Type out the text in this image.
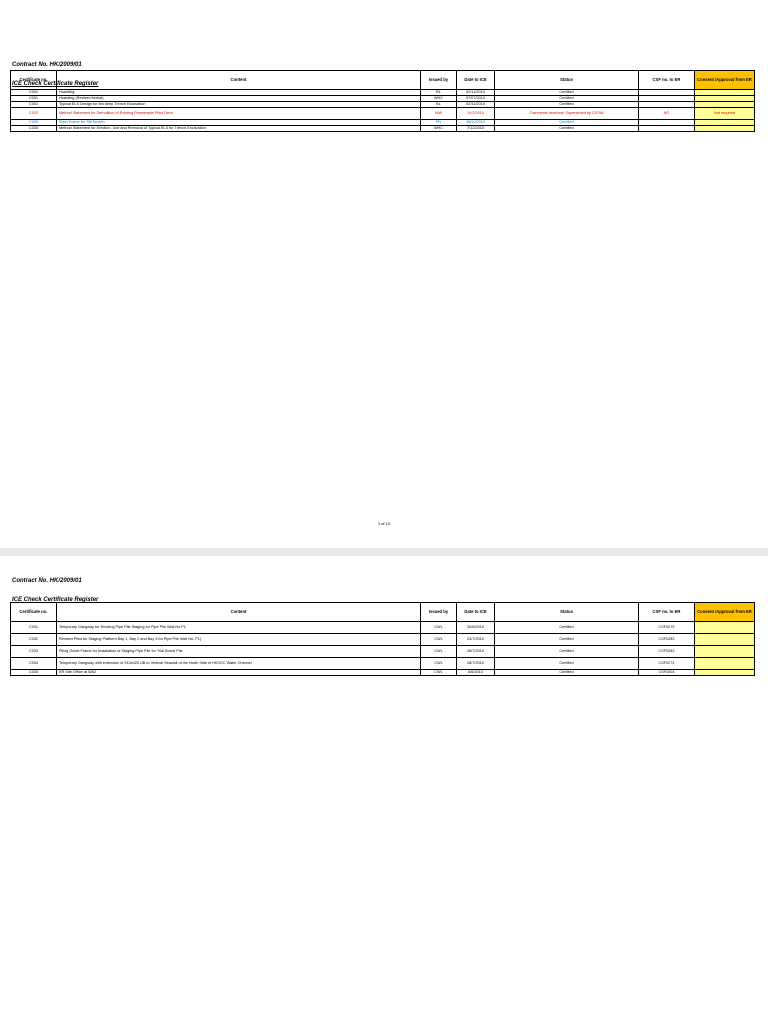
Contract No. HK/2009/01
ICE Check Certificate Register
Certificate no.	Content	Issued by	Date to ICE	Status	CSF no. to ER	Consent /Approval from ER
C001	Hoarding	BL	02/11/2010	Certified		
C001	Hoarding (Revised format)	WHC	07/07/2010	Certified		
C002	Typical ELS Design for 8m deep Trench Excavation	BL	02/11/2010	Certified		
C020	Method Statement for Demolition of Existing Promenade Piled Deck	WW	10/2/2010	Comments received/ Superseded by C079A	NO	Not required
C035	Steel Frame for Silt Screen	PN	18/12/2010	Certified		
C030	Method Statement for Erection, Use and Removal of Typical ELS for Trench Excavation	WHC	7/12/2010	Certified		
1 of 10
Contract No. HK/2009/01
ICE Check Certificate Register
Certificate no.	Content	Issued by	Date to ICE	Status	CSF no. to ER	Consent /Approval from ER
C031	Temporary Gangway for Erecting Pipe Pile Staging for Pipe Pile Wall No P1	CWL	30/6/2010	Certified	CSF0275	
C032	Revised Piles for Staging Platform Bay 1, Bay 2 and Bay 3 for Pipe Pile Wall No. P1)	CWL	23/7/2010	Certified	CSF0282	
C033	Piling Guide Frame for Installation of Staging Pipe Pile for Trial Bored Pile	CWL	26/7/2010	Certified	CSF0283	
C034	Temporary Gangway with extension of 914x025 UB to Vertical Seawall of the North Side of HKCEC Water Channel	CWL	28/7/2010	Certified	CSF0274	
C035	ER Site Office at WA2	CWL	8/6/2010	Certified	CSF0304	
